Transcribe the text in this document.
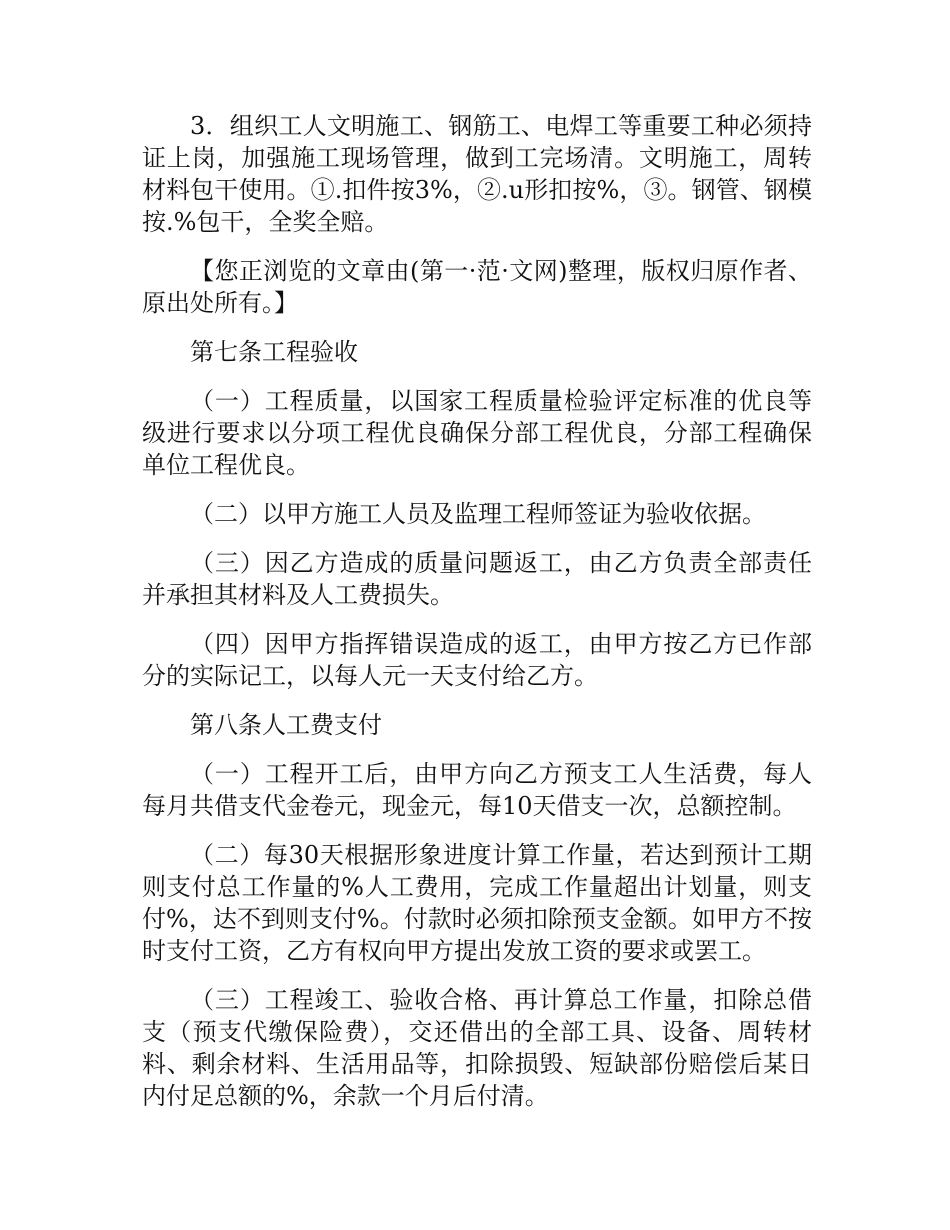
3．组织工人文明施工、钢筋工、电焊工等重要工种必须持证上岗，加强施工现场管理，做到工完场清。文明施工，周转材料包干使用。①.扣件按3%，②.u形扣按%，③。钢管、钢模按.%包干，全奖全赔。

【您正浏览的文章由(第一·范·文网)整理，版权归原作者、原出处所有。】

第七条工程验收

（一）工程质量，以国家工程质量检验评定标准的优良等级进行要求以分项工程优良确保分部工程优良，分部工程确保单位工程优良。

（二）以甲方施工人员及监理工程师签证为验收依据。

（三）因乙方造成的质量问题返工，由乙方负责全部责任并承担其材料及人工费损失。

（四）因甲方指挥错误造成的返工，由甲方按乙方已作部分的实际记工，以每人元一天支付给乙方。

第八条人工费支付

（一）工程开工后，由甲方向乙方预支工人生活费，每人每月共借支代金卷元，现金元，每10天借支一次，总额控制。

（二）每30天根据形象进度计算工作量，若达到预计工期则支付总工作量的%人工费用，完成工作量超出计划量，则支付%，达不到则支付%。付款时必须扣除预支金额。如甲方不按时支付工资，乙方有权向甲方提出发放工资的要求或罢工。

（三）工程竣工、验收合格、再计算总工作量，扣除总借支（预支代缴保险费），交还借出的全部工具、设备、周转材料、剩余材料、生活用品等，扣除损毁、短缺部份赔偿后某日内付足总额的%，余款一个月后付清。
